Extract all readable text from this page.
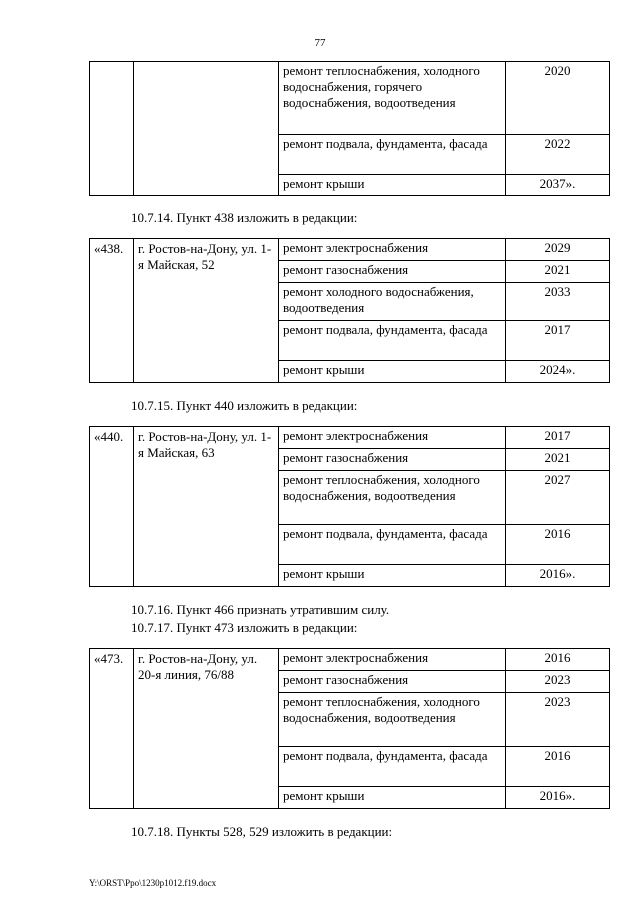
77
		ремонт теплоснабжения, холодного водоснабжения, горячего водоснабжения, водоотведения	2020
		ремонт подвала, фундамента, фасада	2022
		ремонт крыши	2037».
10.7.14. Пункт 438 изложить в редакции:
«438.	г. Ростов-на-Дону, ул. 1-я Майская, 52	ремонт электроснабжения	2029
		ремонт газоснабжения	2021
		ремонт холодного водоснабжения, водоотведения	2033
		ремонт подвала, фундамента, фасада	2017
		ремонт крыши	2024».
10.7.15. Пункт 440 изложить в редакции:
«440.	г. Ростов-на-Дону, ул. 1-я Майская, 63	ремонт электроснабжения	2017
		ремонт газоснабжения	2021
		ремонт теплоснабжения, холодного водоснабжения, водоотведения	2027
		ремонт подвала, фундамента, фасада	2016
		ремонт крыши	2016».
10.7.16. Пункт 466 признать утратившим силу.
10.7.17. Пункт 473 изложить в редакции:
«473.	г. Ростов-на-Дону, ул. 20-я линия, 76/88	ремонт электроснабжения	2016
		ремонт газоснабжения	2023
		ремонт теплоснабжения, холодного водоснабжения, водоотведения	2023
		ремонт подвала, фундамента, фасада	2016
		ремонт крыши	2016».
10.7.18. Пункты 528, 529 изложить в редакции:
Y:\ORST\Ppo\1230p1012.f19.docx
